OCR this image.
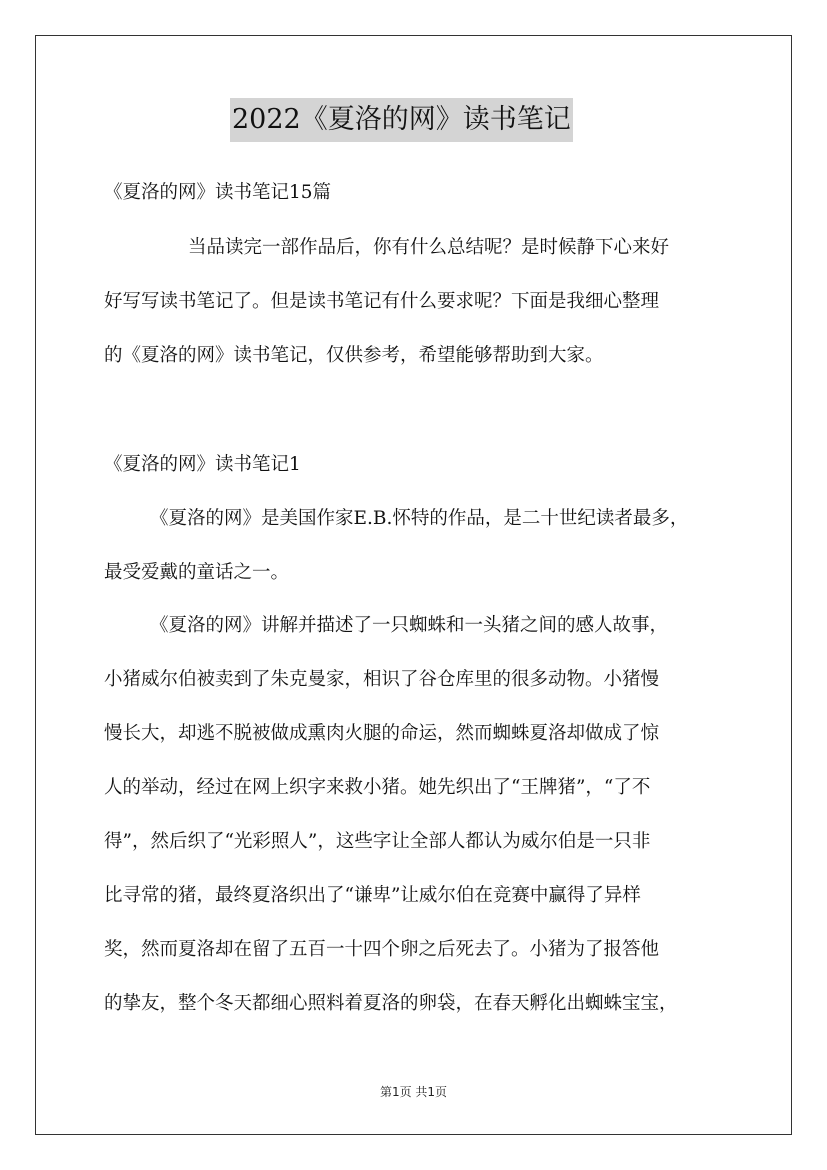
2022《夏洛的网》读书笔记
《夏洛的网》读书笔记15篇
当品读完一部作品后，你有什么总结呢？是时候静下心来好
好写写读书笔记了。但是读书笔记有什么要求呢？下面是我细心整理
的《夏洛的网》读书笔记，仅供参考，希望能够帮助到大家。
《夏洛的网》读书笔记1
《夏洛的网》是美国作家E.B.怀特的作品，是二十世纪读者最多，
最受爱戴的童话之一。
《夏洛的网》讲解并描述了一只蜘蛛和一头猪之间的感人故事，
小猪威尔伯被卖到了朱克曼家，相识了谷仓库里的很多动物。小猪慢
慢长大，却逃不脱被做成熏肉火腿的命运，然而蜘蛛夏洛却做成了惊
人的举动，经过在网上织字来救小猪。她先织出了“王牌猪”，“了不
得”，然后织了“光彩照人”，这些字让全部人都认为威尔伯是一只非
比寻常的猪，最终夏洛织出了“谦卑”让威尔伯在竞赛中赢得了异样
奖，然而夏洛却在留了五百一十四个卵之后死去了。小猪为了报答他
的挚友，整个冬天都细心照料着夏洛的卵袋，在春天孵化出蜘蛛宝宝，
第1页 共1页
